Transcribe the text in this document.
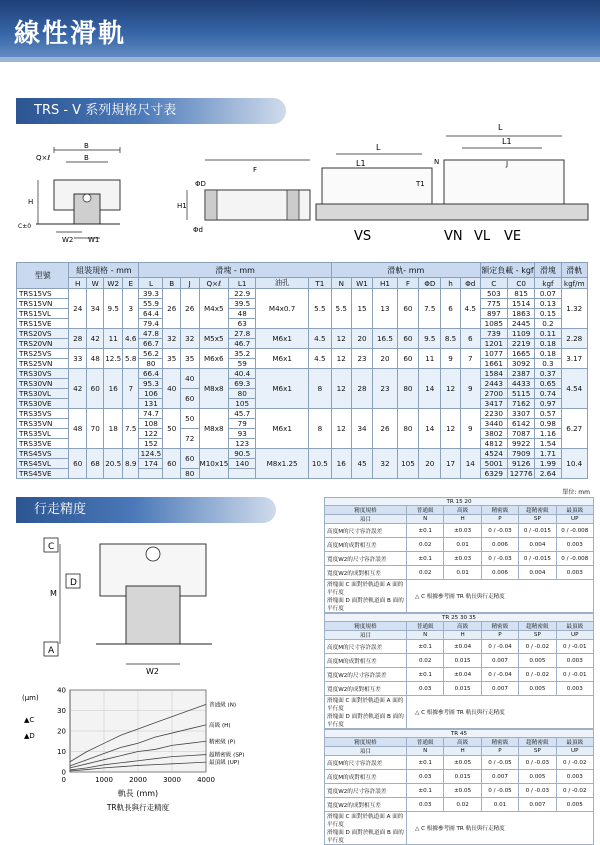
線性滑軌
TRS - V 系列規格尺寸表
Q×ℓ
B
B
H
C±0
W2 W1
ΦD
Φd
H1
F
L
L
L1
L1	N	J
T1
VS	VN VL VE
型號	組裝規格 - mm				滑塊 - mm							滑軌- mm							額定負載 - kgf		滑塊	滑軌
	H	W	W2	E	L	B	J	Q×ℓ	L1	油孔	T1	N	W1	H1	F	ΦD	h	Φd	C	C0	kgf	kgf/m
TRS15VS	24	34	9.5	3	39.3	26	26	M4x5	22.9	M4x0.7	5.5	5.5	15	13	60	7.5	6	4.5	503	815	0.07	1.32
TRS15VN					55.9				39.5										775	1514	0.13	
TRS15VL					64.4				48										897	1863	0.15	
TRS15VE					79.4				63										1085	2445	0.2	
TRS20VS	28	42	11	4.6	47.8	32	32	M5x5	27.8	M6x1	4.5	12	20	16.5	60	9.5	8.5	6	739	1109	0.11	2.28
TRS20VN					66.7				46.7										1201	2219	0.18	
TRS25VS	33	48	12.5	5.8	56.2	35	35	M6x6	35.2	M6x1	4.5	12	23	20	60	11	9	7	1077	1665	0.18	3.17
TRS25VN					80				59										1661	3092	0.3	
TRS30VS	42	60	16	7	66.4	40	40	M8x8	40.4	M6x1	8	12	28	23	80	14	12	9	1584	2387	0.37	4.54
TRS30VN					95.3				69.3										2443	4433	0.65	
TRS30VL					106		60		80										2700	5115	0.74	
TRS30VE					131				105										3417	7162	0.97	
TRS35VS	48	70	18	7.5	74.7	50	50	M8x8	45.7	M6x1	8	12	34	26	80	14	12	9	2230	3307	0.57	6.27
TRS35VN					108				79										3440	6142	0.98	
TRS35VL					122		72		93										3802	7087	1.16	
TRS35VE					152				123										4812	9922	1.54	
TRS45VS	60	68	20.5	8.9	124.5	60	60	M10x15	90.5	M8x1.25	10.5	16	45	32	105	20	17	14	4524	7909	1.71	10.4
TRS45VL					174				140										5001	9126	1.99	
TRS45VE							80												6329	12776	2.64	
行走精度
C
D
A
M
W2
0
10
20
30
40
1000 2000 3000 4000
0
普通級 (N)
高級 (H)
精密級 (P)
超精密級 (SP)
最頂級 (UP)
(μm)
▲C
▲D
軌長 (mm)
TR軌長與行走精度
單位: mm
TR 15 20					
精度規格	普通級	高級	精密級	超精密級	最頂級
項目	N	H	P	SP	UP
高度M的尺寸容許誤差	±0.1	±0.03	0 / -0.03	0 / -0.015	0 / -0.008
高度M的成對相互差	0.02	0.01	0.006	0.004	0.003
寬度W2的尺寸容許誤差	±0.1	±0.03	0 / -0.03	0 / -0.015	0 / -0.008
寬度W2的成對相互差	0.02	0.01	0.006	0.004	0.003

滑塊面 C 面對於軌道面 A 面的平行度
滑塊面 D 面對於軌道面 B 面的平行度	△ C 根據參考圖 TR 軌長與行走精度				
TR 25 30 35					
精度規格	普通級	高級	精密級	超精密級	最頂級
項目	N	H	P	SP	UP
高度M的尺寸容許誤差	±0.1	±0.04	0 / -0.04	0 / -0.02	0 / -0.01
高度M的成對相互差	0.02	0.015	0.007	0.005	0.003
寬度W2的尺寸容許誤差	±0.1	±0.04	0 / -0.04	0 / -0.02	0 / -0.01
寬度W2的成對相互差	0.03	0.015	0.007	0.005	0.003

滑塊面 C 面對於軌道面 A 面的平行度
滑塊面 D 面對於軌道面 B 面的平行度	△ C 根據參考圖 TR 軌長與行走精度				
TR 45					
精度規格	普通級	高級	精密級	超精密級	最頂級
項目	N	H	P	SP	UP
高度M的尺寸容許誤差	±0.1	±0.05	0 / -0.05	0 / -0.03	0 / -0.02
高度M的成對相互差	0.03	0.015	0.007	0.005	0.003
寬度W2的尺寸容許誤差	±0.1	±0.05	0 / -0.05	0 / -0.03	0 / -0.02
寬度W2的成對相互差	0.03	0.02	0.01	0.007	0.005

滑塊面 C 面對於軌道面 A 面的平行度
滑塊面 D 面對於軌道面 B 面的平行度	△ C 根據參考圖 TR 軌長與行走精度				
